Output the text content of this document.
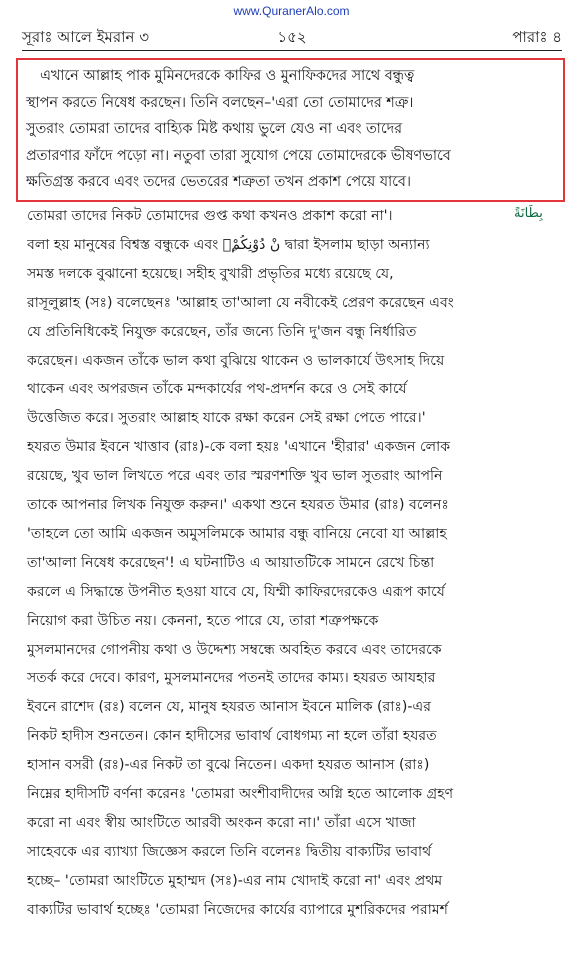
www.QuranerAlo.com
সূরাঃ আলে ইমরান ৩	১৫২	পারাঃ ৪
এখানে আল্লাহ পাক মুমিনদেরকে কাফির ও মুনাফিকদের সাথে বন্ধুত্ব
স্থাপন করতে নিষেধ করছেন। তিনি বলছেন–'এরা তো তোমাদের শত্রু।
সুতরাং তোমরা তাদের বাহ্যিক মিষ্ট কথায় ভুলে যেও না এবং তাদের
প্রতারণার ফাঁদে পড়ো না। নতুবা তারা সুযোগ পেয়ে তোমাদেরকে ভীষণভাবে
ক্ষতিগ্রস্ত করবে এবং তদের ভেতরের শত্রুতা তখন প্রকাশ পেয়ে যাবে।
بِطَانَةً
তোমরা তাদের নিকট তোমাদের গুপ্ত কথা কখনও প্রকাশ করো না'।
বলা হয় মানুষের বিশ্বস্ত বন্ধুকে এবং মِنْ دُوْنِكُمْ দ্বারা ইসলাম ছাড়া অন্যান্য
সমস্ত দলকে বুঝানো হয়েছে। সহীহ বুখারী প্রভৃতির মধ্যে রয়েছে যে,
রাসূলুল্লাহ (সঃ) বলেছেনঃ 'আল্লাহ তা'আলা যে নবীকেই প্রেরণ করেছেন এবং
যে প্রতিনিধিকেই নিযুক্ত করেছেন, তাঁর জন্যে তিনি দু'জন বন্ধু নির্ধারিত
করেছেন। একজন তাঁকে ভাল কথা বুঝিয়ে থাকেন ও ভালকার্যে উৎসাহ দিয়ে
থাকেন এবং অপরজন তাঁকে মন্দকার্যের পথ-প্রদর্শন করে ও সেই কার্যে
উত্তেজিত করে। সুতরাং আল্লাহ যাকে রক্ষা করেন সেই রক্ষা পেতে পারে।'
হযরত উমার ইবনে খাত্তাব (রাঃ)-কে বলা হয়ঃ 'এখানে 'হীরার' একজন লোক
রয়েছে, খুব ভাল লিখতে পরে এবং তার স্মরণশক্তি খুব ভাল সুতরাং আপনি
তাকে আপনার লিখক নিযুক্ত করুন।' একথা শুনে হযরত উমার (রাঃ) বলেনঃ
'তাহলে তো আমি একজন অমুসলিমকে আমার বন্ধু বানিয়ে নেবো যা আল্লাহ
তা'আলা নিষেধ করেছেন'! এ ঘটনাটিও এ আয়াতটিকে সামনে রেখে চিন্তা
করলে এ সিদ্ধান্তে উপনীত হওয়া যাবে যে, যিম্মী কাফিরদেরকেও এরূপ কার্যে
নিয়োগ করা উচিত নয়। কেননা, হতে পারে যে, তারা শত্রুপক্ষকে
মুসলমানদের গোপনীয় কথা ও উদ্দেশ্য সম্বন্ধে অবহিত করবে এবং তাদেরকে
সতর্ক করে দেবে। কারণ, মুসলমানদের পতনই তাদের কাম্য। হযরত আযহার
ইবনে রাশেদ (রঃ) বলেন যে, মানুষ হযরত আনাস ইবনে মালিক (রাঃ)-এর
নিকট হাদীস শুনতেন। কোন হাদীসের ভাবার্থ বোধগম্য না হলে তাঁরা হযরত
হাসান বসরী (রঃ)-এর নিকট তা বুঝে নিতেন। একদা হযরত আনাস (রাঃ)
নিম্নের হাদীসটি বর্ণনা করেনঃ 'তোমরা অংশীবাদীদের অগ্নি হতে আলোক গ্রহণ
করো না এবং স্বীয় আংটিতে আরবী অংকন করো না।' তাঁরা এসে খাজা
সাহেবকে এর ব্যাখ্যা জিজ্ঞেস করলে তিনি বলেনঃ দ্বিতীয় বাক্যটির ভাবার্থ
হচ্ছে– 'তোমরা আংটিতে মুহাম্মদ (সঃ)-এর নাম খোদাই করো না' এবং প্রথম
বাক্যটির ভাবার্থ হচ্ছেঃ 'তোমরা নিজেদের কার্যের ব্যাপারে মুশরিকদের পরামর্শ
